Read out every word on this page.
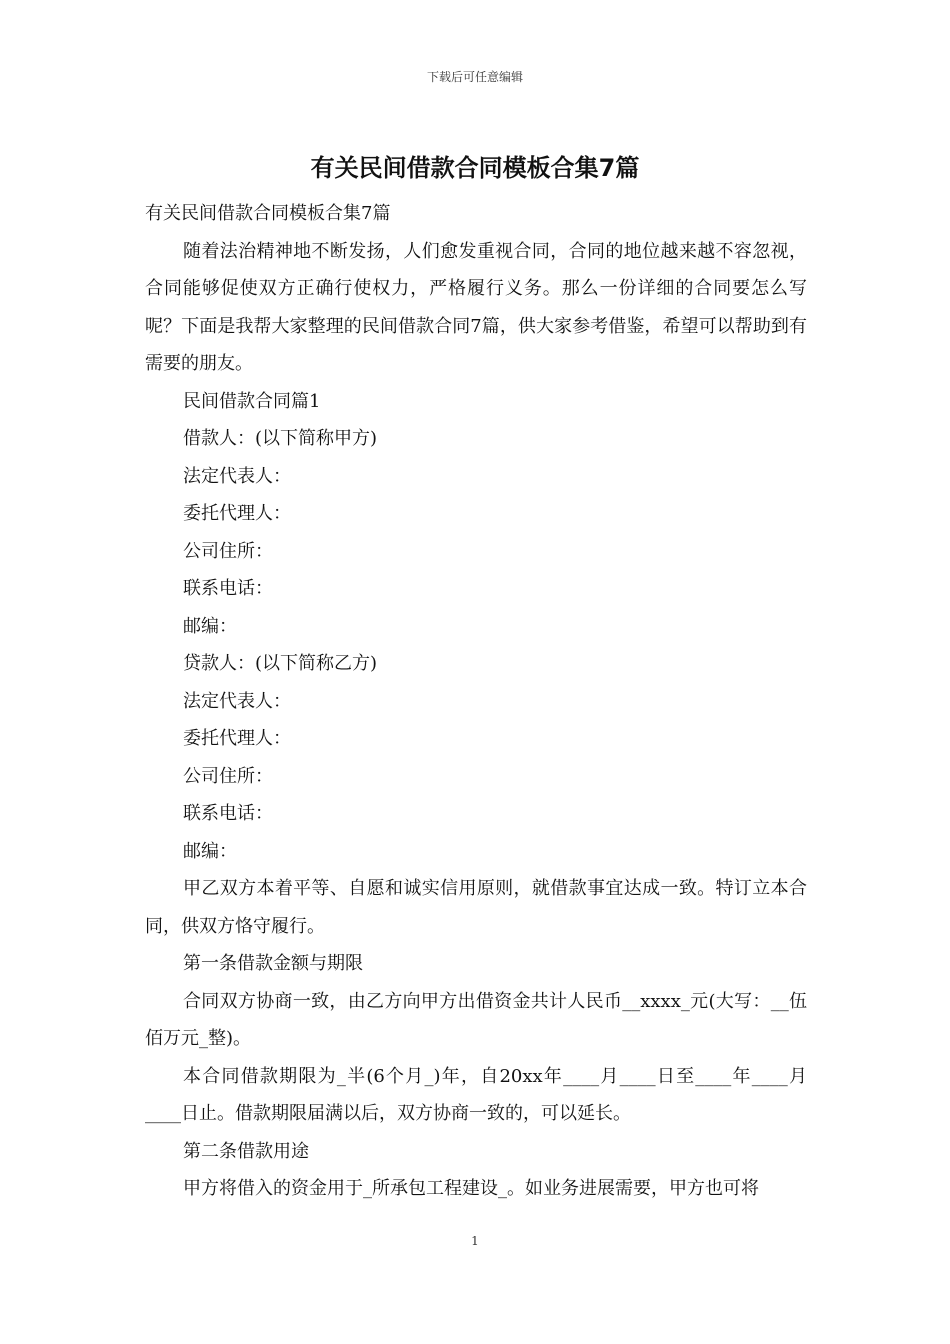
下载后可任意编辑
有关民间借款合同模板合集7篇

有关民间借款合同模板合集7篇

随着法治精神地不断发扬，人们愈发重视合同，合同的地位越来越不容忽视，合同能够促使双方正确行使权力，严格履行义务。那么一份详细的合同要怎么写呢？下面是我帮大家整理的民间借款合同7篇，供大家参考借鉴，希望可以帮助到有需要的朋友。

民间借款合同篇1

借款人：(以下简称甲方)

法定代表人：

委托代理人：

公司住所：

联系电话：

邮编：

贷款人：(以下简称乙方)

法定代表人：

委托代理人：

公司住所：

联系电话：

邮编：

甲乙双方本着平等、自愿和诚实信用原则，就借款事宜达成一致。特订立本合同，供双方恪守履行。

第一条借款金额与期限

合同双方协商一致，由乙方向甲方出借资金共计人民币__xxxx_元(大写：__伍佰万元_整)。

本合同借款期限为_半(6个月_)年，自20xx年____月____日至____年____月____日止。借款期限届满以后，双方协商一致的，可以延长。

第二条借款用途

甲方将借入的资金用于_所承包工程建设_。如业务进展需要，甲方也可将

1
